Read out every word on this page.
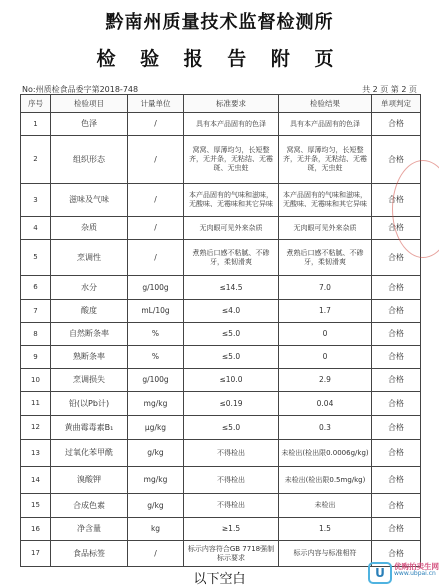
黔南州质量技术监督检测所
检 验 报 告 附 页
No:州质检食品委字第2018-748	共 2 页 第 2 页
序号	检验项目	计量单位	标准要求	检验结果	单项判定
1	色泽	/	具有本产品固有的色泽	具有本产品固有的色泽	合格
2	组织形态	/	窝窝、厚薄均匀，长短整齐，无并条，无粘结、无霉斑、无虫蛀	窝窝、厚薄均匀，长短整齐，无并条，无粘结、无霉斑，无虫蛀	合格
3	滋味及气味	/	本产品固有的气味和滋味，无酸味、无霉味和其它异味	本产品固有的气味和滋味，无酸味、无霉味和其它异味	合格
4	杂质	/	无肉眼可见外来杂质	无肉眼可见外来杂质	合格
5	烹调性	/	煮熟后口感不粘腻、不碜牙，柔韧滑爽	煮熟后口感不粘腻、不碜牙，柔韧滑爽	合格
6	水分	g/100g	≤14.5	7.0	合格
7	酸度	mL/10g	≤4.0	1.7	合格
8	自然断条率	%	≤5.0	0	合格
9	熟断条率	%	≤5.0	0	合格
10	烹调损失	g/100g	≤10.0	2.9	合格
11	铅(以Pb计)	mg/kg	≤0.19	0.04	合格
12	黄曲霉毒素B₁	μg/kg	≤5.0	0.3	合格
13	过氧化苯甲酰	g/kg	不得检出	未检出(检出限0.0006g/kg)	合格
14	溴酸钾	mg/kg	不得检出	未检出(检出限0.5mg/kg)	合格
15	合成色素	g/kg	不得检出	未检出	合格
16	净含量	kg	≥1.5	1.5	合格
17	食品标签	/	标示内容符合GB 7718强制标示要求	标示内容与标准相符	合格
以下空白	U	优购拍卖生网
www.ubpai.cn
